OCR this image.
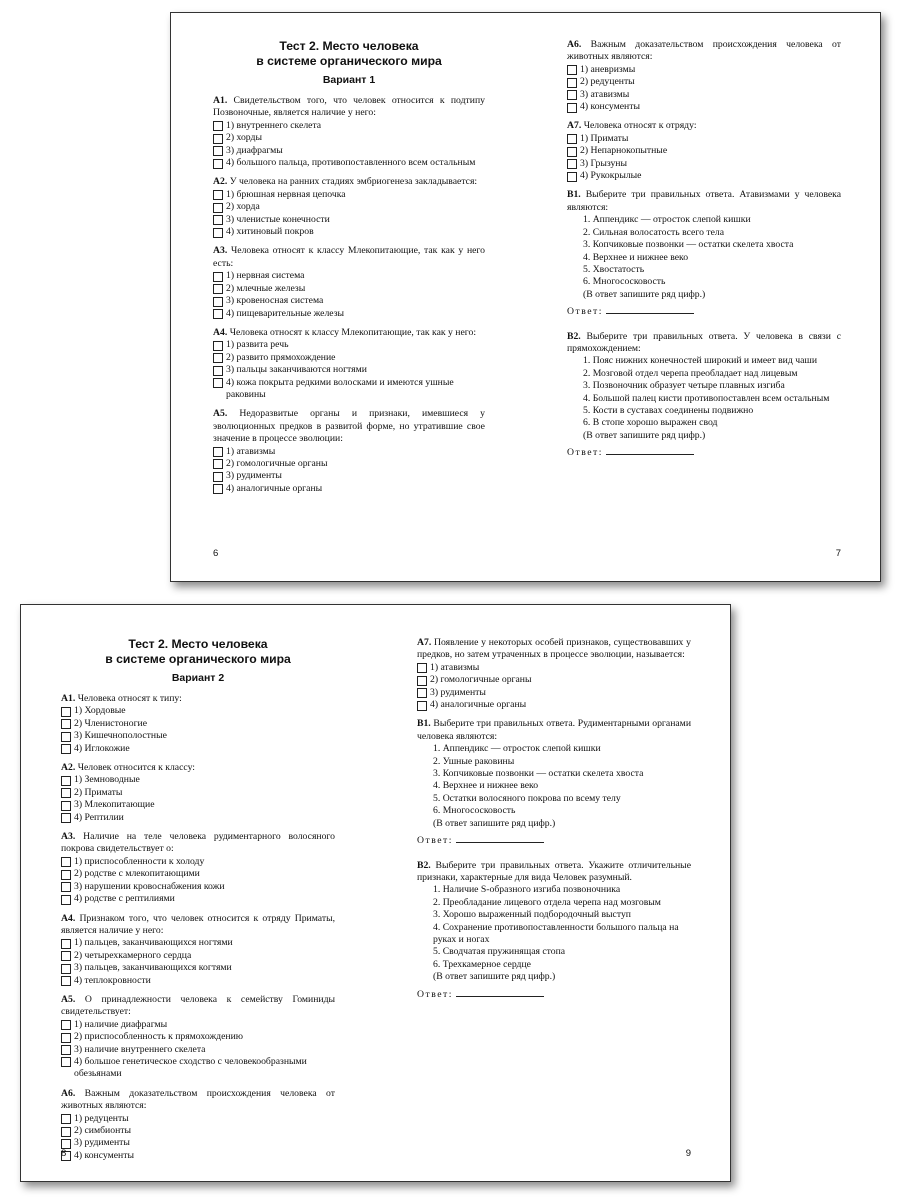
Тест 2. Место человека
в системе органического мира
Вариант 1
А1. Свидетельством того, что человек относится к подтипу Позвоночные, является наличие у него:
1) внутреннего скелета
2) хорды
3) диафрагмы
4) большого пальца, противопоставленного всем остальным
А2. У человека на ранних стадиях эмбриогенеза закладывается:
1) брюшная нервная цепочка
2) хорда
3) членистые конечности
4) хитиновый покров
А3. Человека относят к классу Млекопитающие, так как у него есть:
1) нервная система
2) млечные железы
3) кровеносная система
4) пищеварительные железы
А4. Человека относят к классу Млекопитающие, так как у него:
1) развита речь
2) развито прямохождение
3) пальцы заканчиваются ногтями
4) кожа покрыта редкими волосками и имеются ушные раковины
А5. Недоразвитые органы и признаки, имевшиеся у эволюционных предков в развитой форме, но утратившие свое значение в процессе эволюции:
1) атавизмы
2) гомологичные органы
3) рудименты
4) аналогичные органы
6
А6. Важным доказательством происхождения человека от животных являются:
1) аневризмы
2) редуценты
3) атавизмы
4) консументы
А7. Человека относят к отряду:
1) Приматы
2) Непарнокопытные
3) Грызуны
4) Рукокрылые
В1. Выберите три правильных ответа. Атавизмами у человека являются:
1. Аппендикс — отросток слепой кишки
2. Сильная волосатость всего тела
3. Копчиковые позвонки — остатки скелета хвоста
4. Верхнее и нижнее веко
5. Хвостатость
6. Многососковость
(В ответ запишите ряд цифр.)
Ответ:
В2. Выберите три правильных ответа. У человека в связи с прямохождением:
1. Пояс нижних конечностей широкий и имеет вид чаши
2. Мозговой отдел черепа преобладает над лицевым
3. Позвоночник образует четыре плавных изгиба
4. Большой палец кисти противопоставлен всем остальным
5. Кости в суставах соединены подвижно
6. В стопе хорошо выражен свод
(В ответ запишите ряд цифр.)
Ответ:
7
Тест 2. Место человека
в системе органического мира
Вариант 2
А1. Человека относят к типу:
1) Хордовые
2) Членистоногие
3) Кишечнополостные
4) Иглокожие
А2. Человек относится к классу:
1) Земноводные
2) Приматы
3) Млекопитающие
4) Рептилии
А3. Наличие на теле человека рудиментарного волосяного покрова свидетельствует о:
1) приспособленности к холоду
2) родстве с млекопитающими
3) нарушении кровоснабжения кожи
4) родстве с рептилиями
А4. Признаком того, что человек относится к отряду Приматы, является наличие у него:
1) пальцев, заканчивающихся ногтями
2) четырехкамерного сердца
3) пальцев, заканчивающихся когтями
4) теплокровности
А5. О принадлежности человека к семейству Гоминиды свидетельствует:
1) наличие диафрагмы
2) приспособленность к прямохождению
3) наличие внутреннего скелета
4) большое генетическое сходство с человекообразными обезьянами
А6. Важным доказательством происхождения человека от животных являются:
1) редуценты
2) симбионты
3) рудименты
4) консументы
8
А7. Появление у некоторых особей признаков, существовавших у предков, но затем утраченных в процессе эволюции, называется:
1) атавизмы
2) гомологичные органы
3) рудименты
4) аналогичные органы
В1. Выберите три правильных ответа. Рудиментарными органами человека являются:
1. Аппендикс — отросток слепой кишки
2. Ушные раковины
3. Копчиковые позвонки — остатки скелета хвоста
4. Верхнее и нижнее веко
5. Остатки волосяного покрова по всему телу
6. Многососковость
(В ответ запишите ряд цифр.)
Ответ:
В2. Выберите три правильных ответа. Укажите отличительные признаки, характерные для вида Человек разумный.
1. Наличие S-образного изгиба позвоночника
2. Преобладание лицевого отдела черепа над мозговым
3. Хорошо выраженный подбородочный выступ
4. Сохранение противопоставленности большого пальца на руках и ногах
5. Сводчатая пружинящая стопа
6. Трехкамерное сердце
(В ответ запишите ряд цифр.)
Ответ:
9
